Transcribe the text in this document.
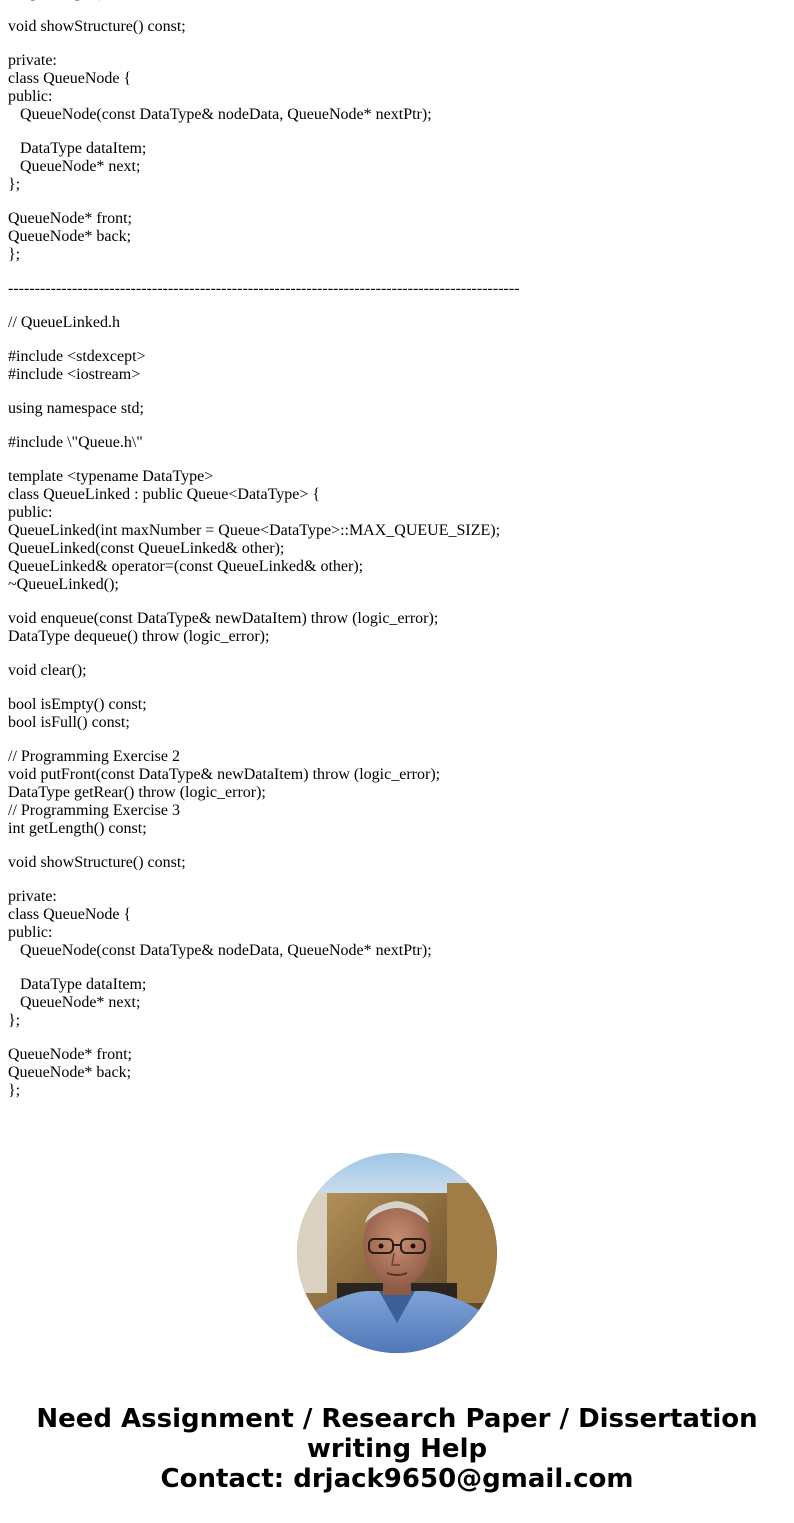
void showStructure() const;
private:
class QueueNode {
public:
QueueNode(const DataType& nodeData, QueueNode* nextPtr);
DataType dataItem;
QueueNode* next;
};
QueueNode* front;
QueueNode* back;
};
------------------------------------------------------------------------------------------------
// QueueLinked.h
#include <stdexcept>
#include <iostream>
using namespace std;
#include \"Queue.h\"
template <typename DataType>
class QueueLinked : public Queue<DataType> {
public:
QueueLinked(int maxNumber = Queue<DataType>::MAX_QUEUE_SIZE);
QueueLinked(const QueueLinked& other);
QueueLinked& operator=(const QueueLinked& other);
~QueueLinked();
void enqueue(const DataType& newDataItem) throw (logic_error);
DataType dequeue() throw (logic_error);
void clear();
bool isEmpty() const;
bool isFull() const;
// Programming Exercise 2
void putFront(const DataType& newDataItem) throw (logic_error);
DataType getRear() throw (logic_error);
// Programming Exercise 3
int getLength() const;
void showStructure() const;
private:
class QueueNode {
public:
QueueNode(const DataType& nodeData, QueueNode* nextPtr);
DataType dataItem;
QueueNode* next;
};
QueueNode* front;
QueueNode* back;
};
Need Assignment / Research Paper / Dissertation
writing Help
Contact: drjack9650@gmail.com
